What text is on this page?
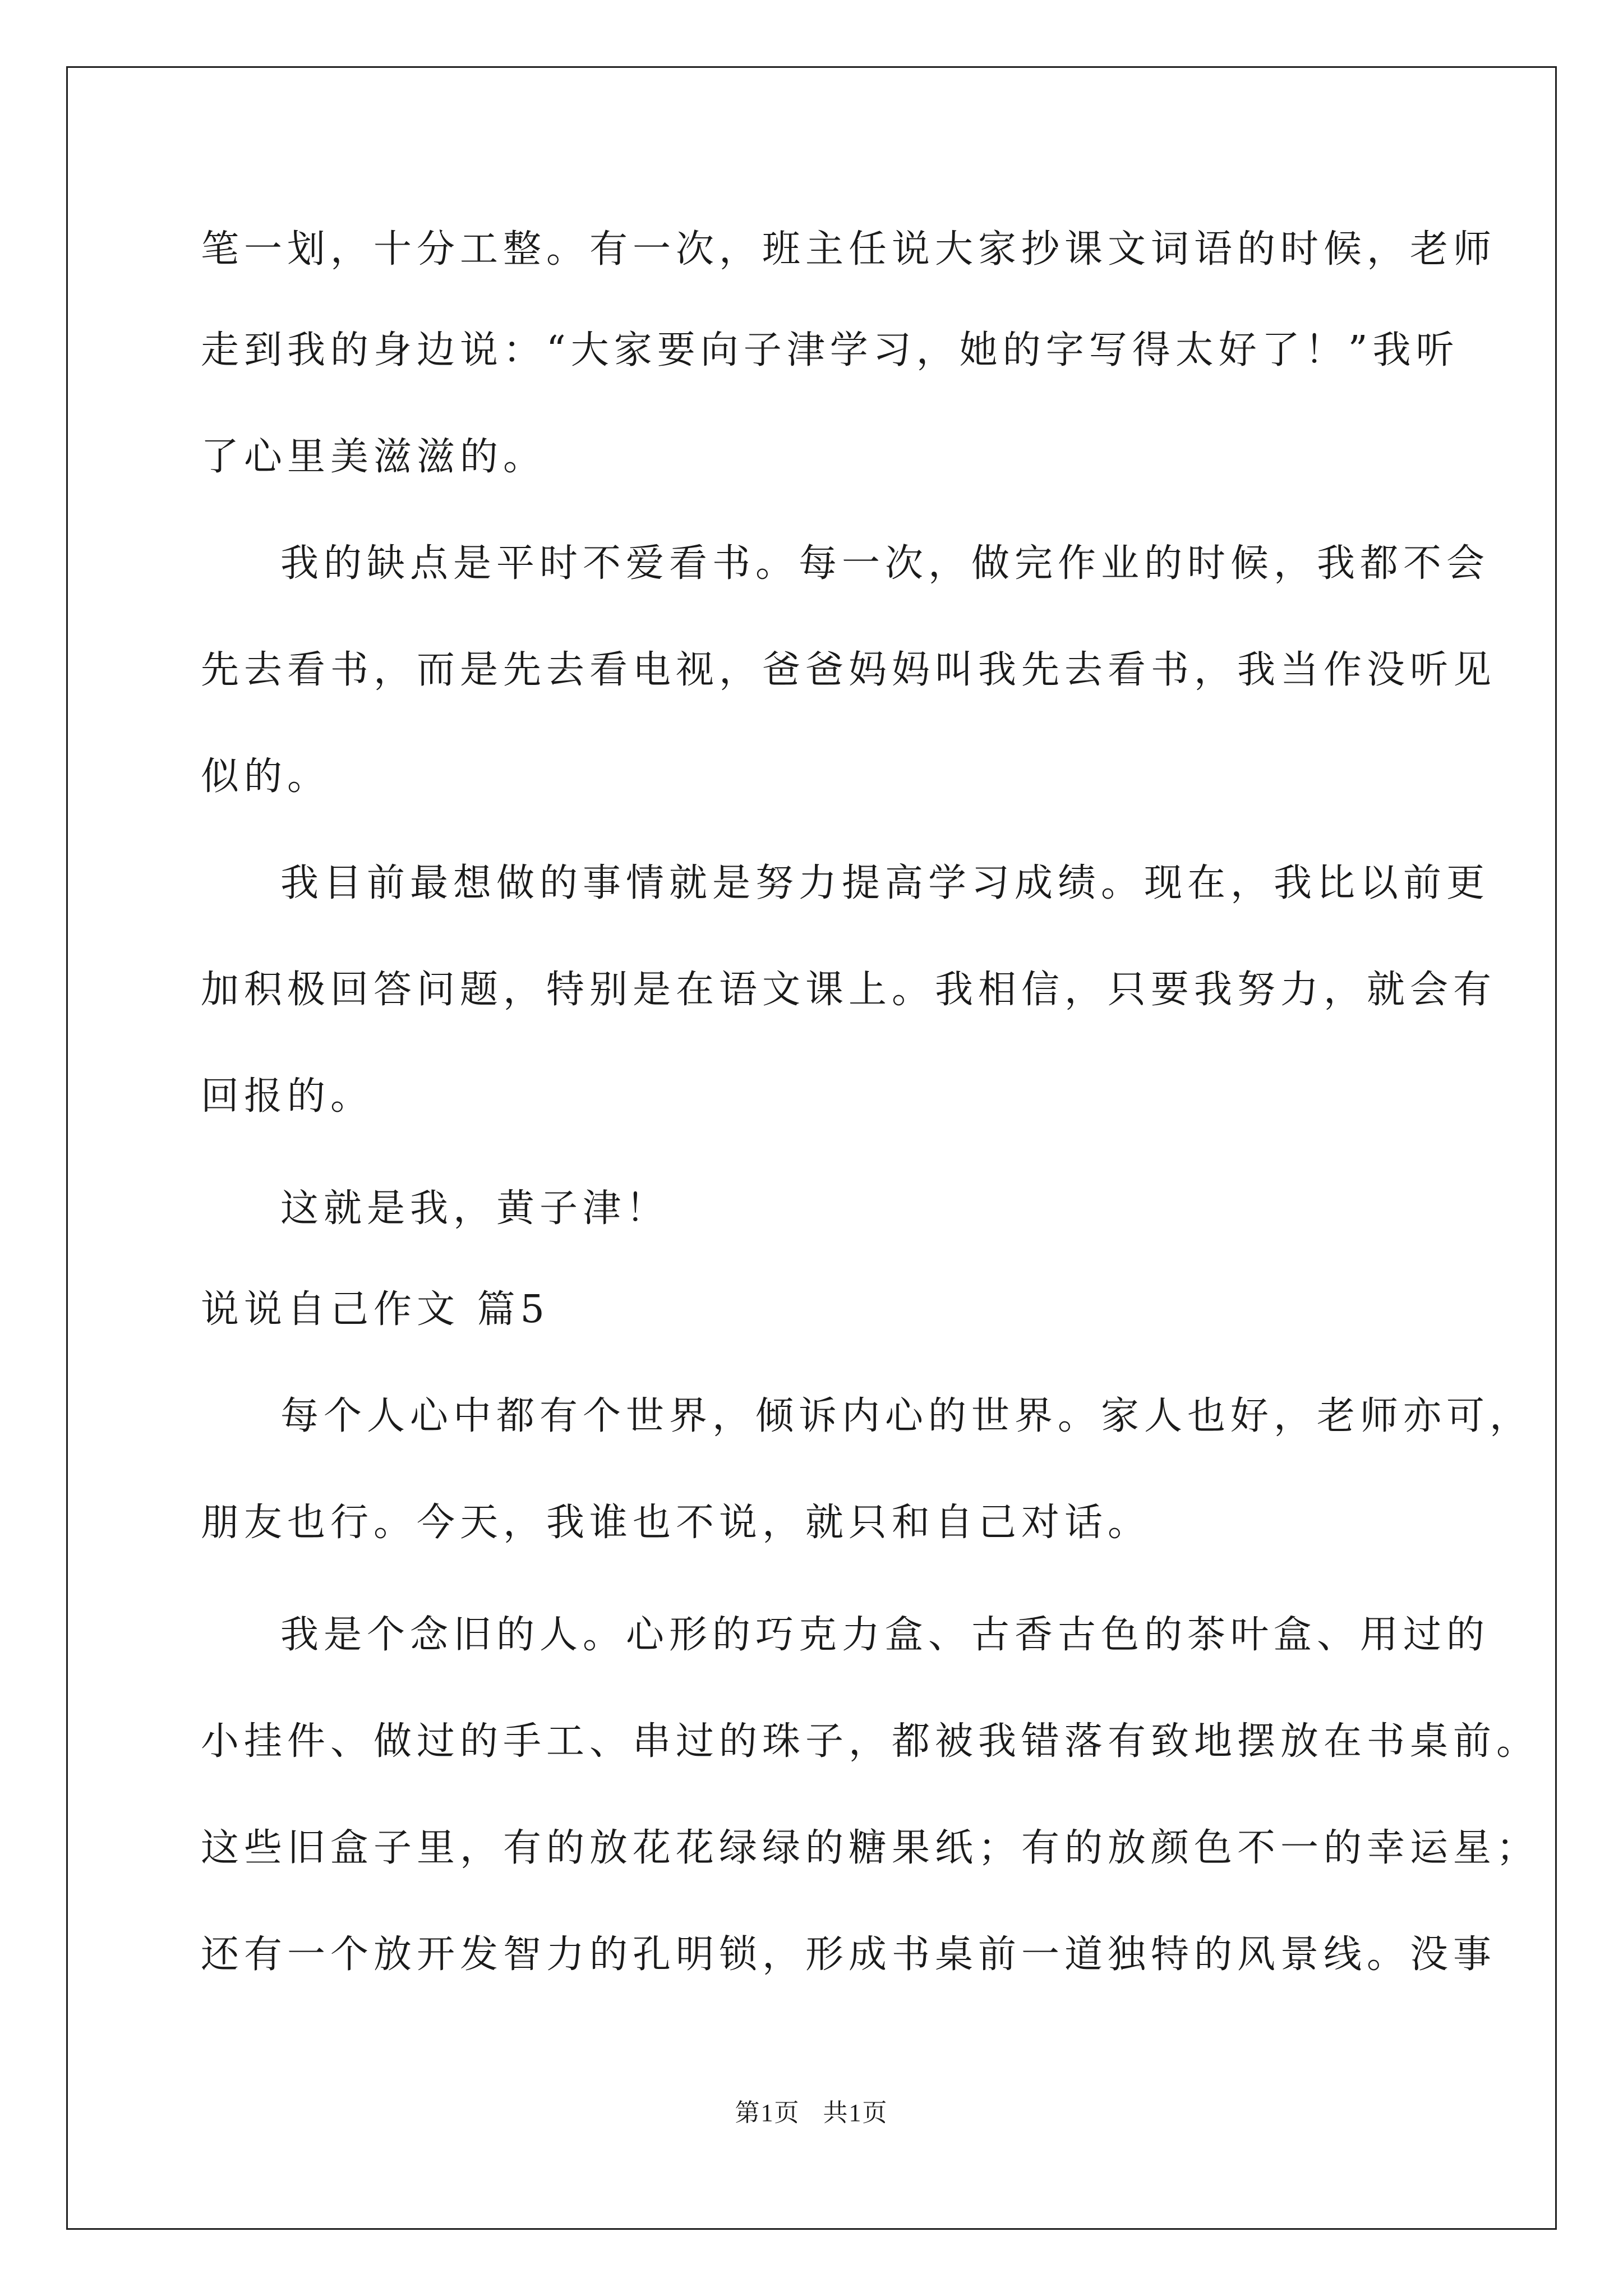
笔一划，十分工整。有一次，班主任说大家抄课文词语的时候，老师
走到我的身边说：“大家要向子津学习，她的字写得太好了！”我听
了心里美滋滋的。
我的缺点是平时不爱看书。每一次，做完作业的时候，我都不会
先去看书，而是先去看电视，爸爸妈妈叫我先去看书，我当作没听见
似的。
我目前最想做的事情就是努力提高学习成绩。现在，我比以前更
加积极回答问题，特别是在语文课上。我相信，只要我努力，就会有
回报的。
这就是我，黄子津！
说说自己作文 篇5
每个人心中都有个世界，倾诉内心的世界。家人也好，老师亦可，
朋友也行。今天，我谁也不说，就只和自己对话。
我是个念旧的人。心形的巧克力盒、古香古色的茶叶盒、用过的
小挂件、做过的手工、串过的珠子，都被我错落有致地摆放在书桌前。
这些旧盒子里，有的放花花绿绿的糖果纸；有的放颜色不一的幸运星；
还有一个放开发智力的孔明锁，形成书桌前一道独特的风景线。没事
第1页 共1页
